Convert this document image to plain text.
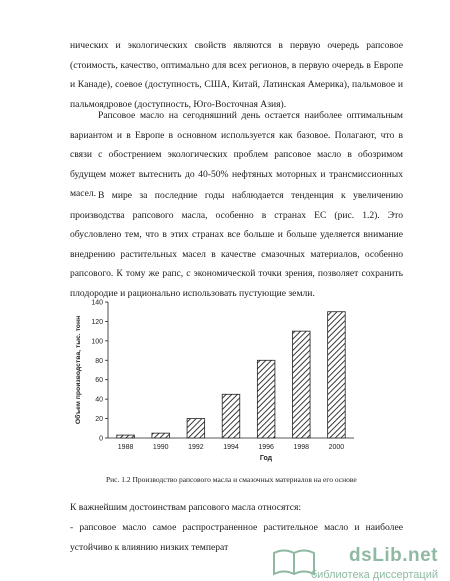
нических и экологических свойств являются в первую очередь рапсовое (стоимость, качество, оптимально для всех регионов, в первую очередь в Европе и Канаде), соевое (доступность, США, Китай, Латинская Америка), пальмовое и пальмоядровое (доступность, Юго-Восточная Азия).

Рапсовое масло на сегодняшний день остается наиболее оптимальным вариантом и в Европе в основном используется как базовое. Полагают, что в связи с обострением экологических проблем рапсовое масло в обозримом будущем может вытеснить до 40-50% нефтяных моторных и трансмиссионных масел. В мире за последние годы наблюдается тенденция к увеличению производства рапсового масла, особенно в странах ЕС (рис. 1.2). Это обусловлено тем, что в этих странах все больше и больше уделяется внимание внедрению растительных масел в качестве смазочных материалов, особенно рапсового. К тому же рапс, с экономической точки зрения, позволяет сохранить плодородие и рационально использовать пустующие земли.

0
20
40
60
80
100
120
140
1988	1990	1992	1994	1996	1998	2000
Год
Объем производства, тыс. тонн

Рис. 1.2 Производство рапсового масла и смазочных материалов на его основе

К важнейшим достоинствам рапсового масла относятся:

- рапсовое масло самое распространенное растительное масло и наиболее устойчиво к влиянию низких температ	dsLib.net

библиотека диссертаций
